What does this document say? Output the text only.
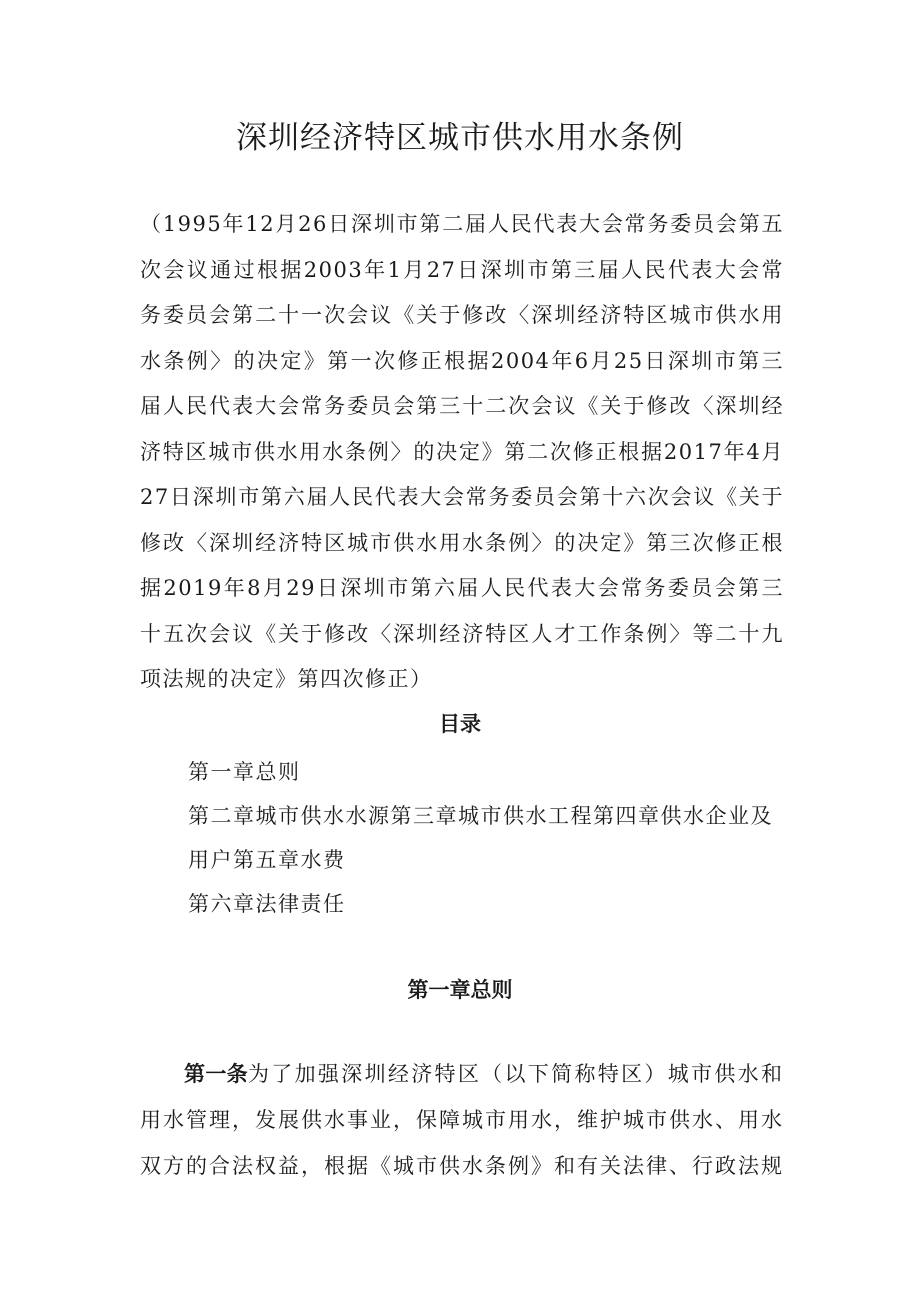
深圳经济特区城市供水用水条例

（1995年12月26日深圳市第二届人民代表大会常务委员会第五次会议通过根据2003年1月27日深圳市第三届人民代表大会常务委员会第二十一次会议《关于修改〈深圳经济特区城市供水用水条例〉的决定》第一次修正根据2004年6月25日深圳市第三届人民代表大会常务委员会第三十二次会议《关于修改〈深圳经济特区城市供水用水条例〉的决定》第二次修正根据2017年4月27日深圳市第六届人民代表大会常务委员会第十六次会议《关于修改〈深圳经济特区城市供水用水条例〉的决定》第三次修正根据2019年8月29日深圳市第六届人民代表大会常务委员会第三十五次会议《关于修改〈深圳经济特区人才工作条例〉等二十九项法规的决定》第四次修正）

目录
第一章总则
第二章城市供水水源第三章城市供水工程第四章供水企业及用户第五章水费
第六章法律责任
第一章总则

第一条为了加强深圳经济特区（以下简称特区）城市供水和用水管理，发展供水事业，保障城市用水，维护城市供水、用水双方的合法权益，根据《城市供水条例》和有关法律、行政法规
